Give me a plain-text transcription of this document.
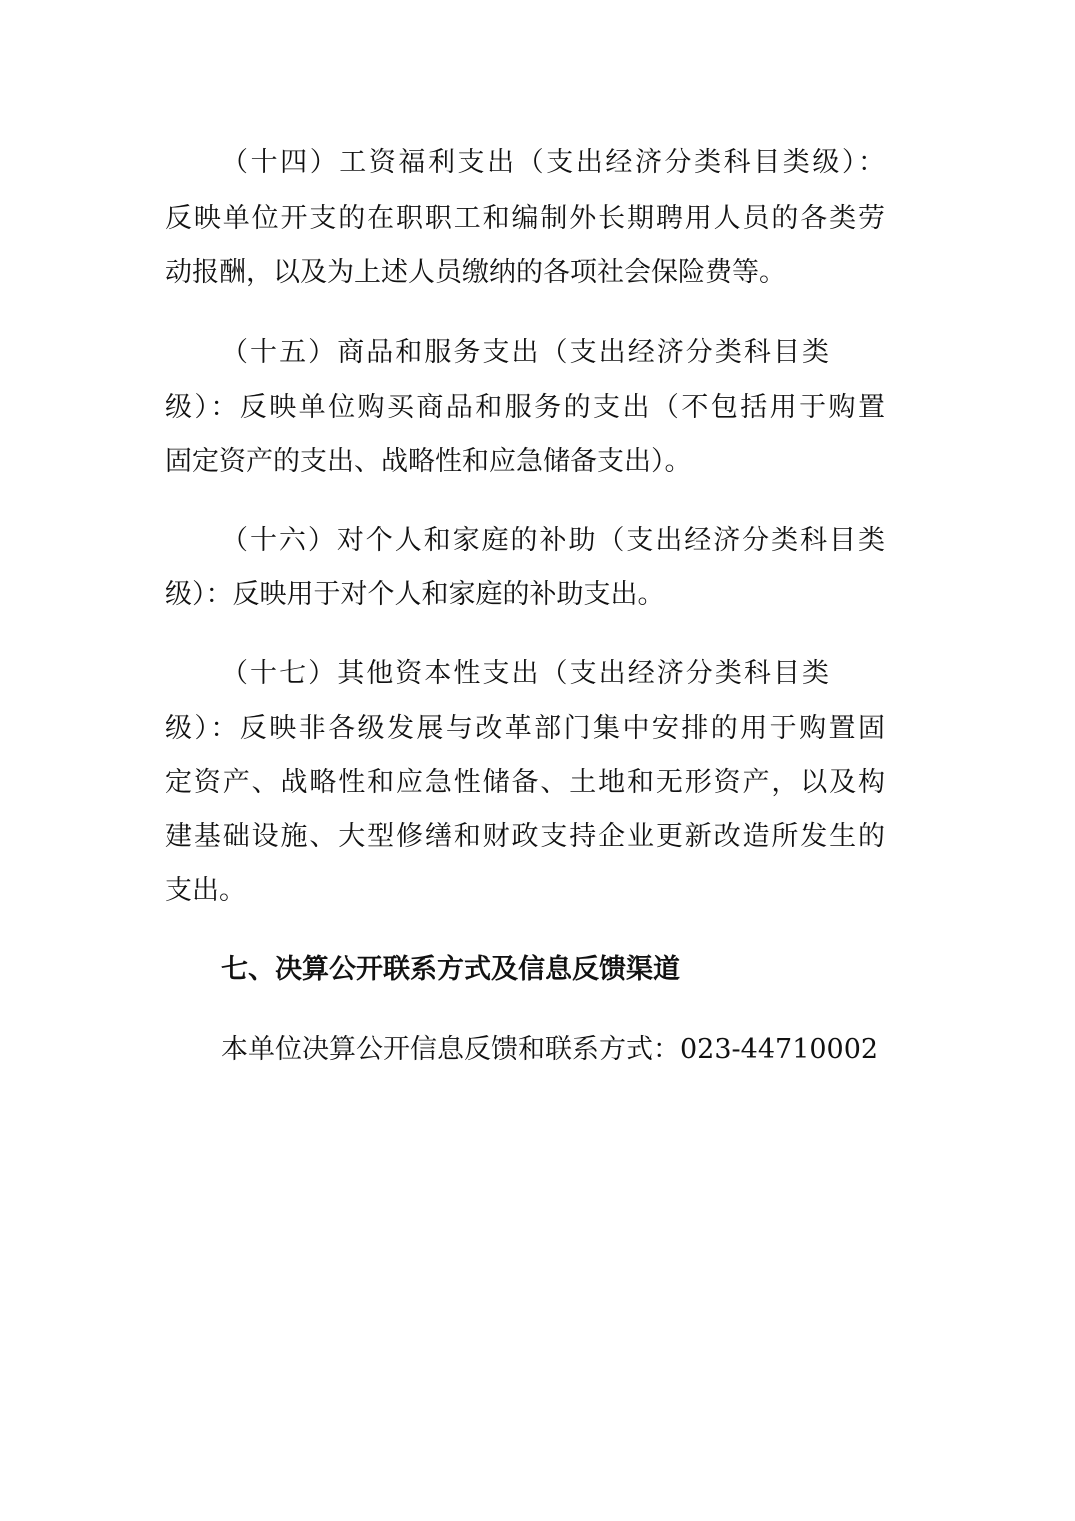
（十四）工资福利支出（支出经济分类科目类级）：
反映单位开支的在职职工和编制外长期聘用人员的各类劳
动报酬，以及为上述人员缴纳的各项社会保险费等。
（十五）商品和服务支出（支出经济分类科目类
级）：反映单位购买商品和服务的支出（不包括用于购置
固定资产的支出、战略性和应急储备支出）。
（十六）对个人和家庭的补助（支出经济分类科目类
级）：反映用于对个人和家庭的补助支出。
（十七）其他资本性支出（支出经济分类科目类
级）：反映非各级发展与改革部门集中安排的用于购置固
定资产、战略性和应急性储备、土地和无形资产，以及构
建基础设施、大型修缮和财政支持企业更新改造所发生的
支出。
七、决算公开联系方式及信息反馈渠道
本单位决算公开信息反馈和联系方式：023-44710002
